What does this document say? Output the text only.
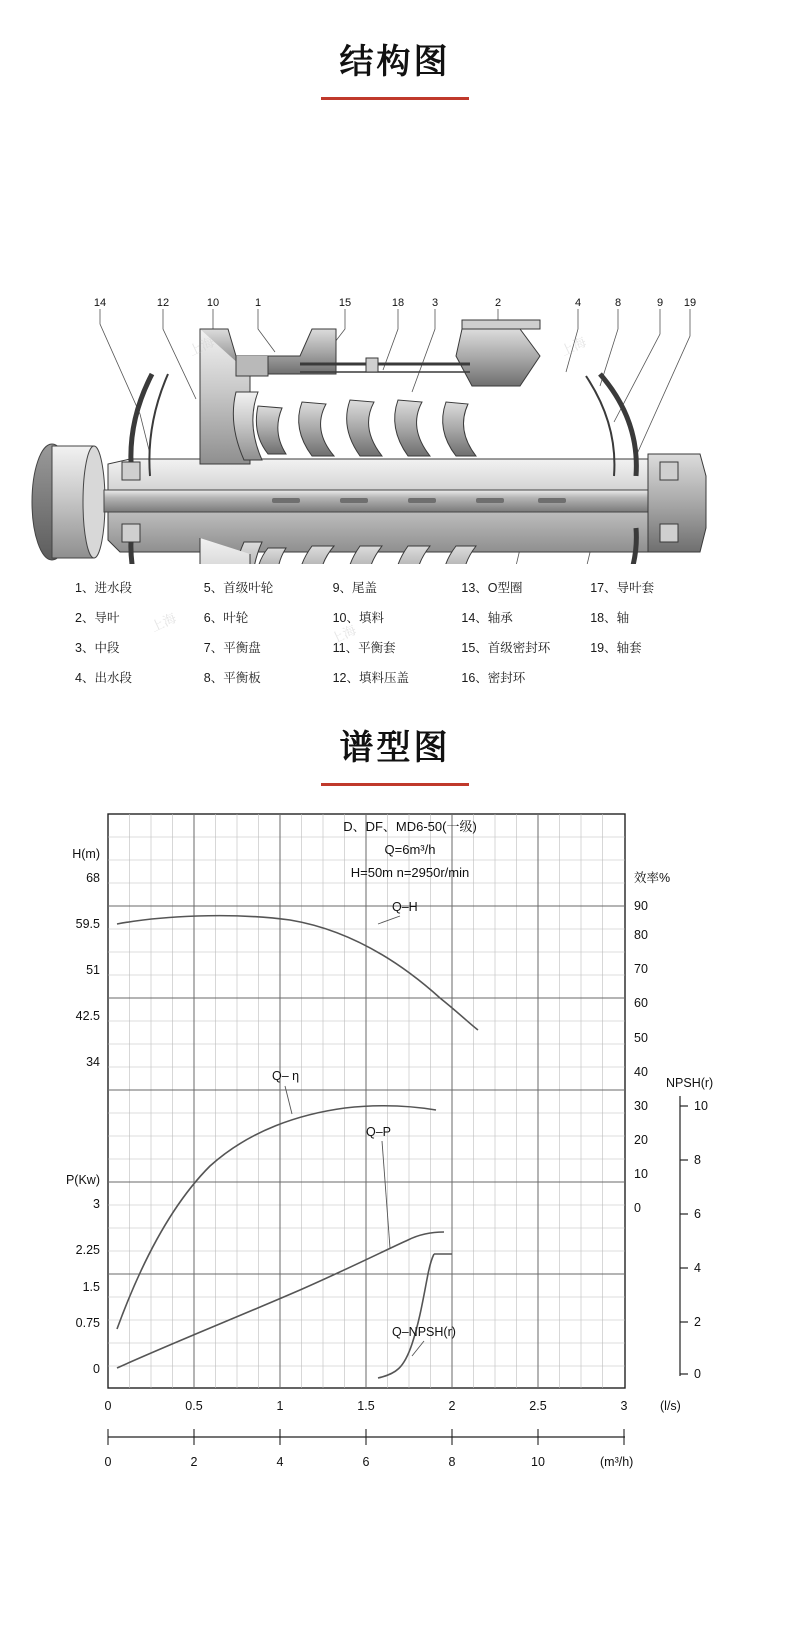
结构图
14	12	10	1	15	18	3	2	4	8	9 19
上海	上海
上海	上海
1、进水段	5、首级叶轮	9、尾盖	13、O型圈	17、导叶套
2、导叶	6、叶轮	10、填料	14、轴承	18、轴
3、中段	7、平衡盘	11、平衡套	15、首级密封环	19、轴套
4、出水段	8、平衡板	12、填料压盖	16、密封环
谱型图
D、DF、MD6-50(一级)
Q=6m³/h
H=50m n=2950r/min
H(m)
68
59.5
51
42.5
34
P(Kw)
3
2.25
1.5
0.75
0
效率%
90
80
70
60
50
40
30
20
10
0
NPSH(r)
10
8
6
4
2
0
Q–H
Q– η
Q–P
Q–NPSH(r)
0	0.5	1	1.5	2	2.5	3	(l/s)
0	2	4	6	8	10	(m³/h)
